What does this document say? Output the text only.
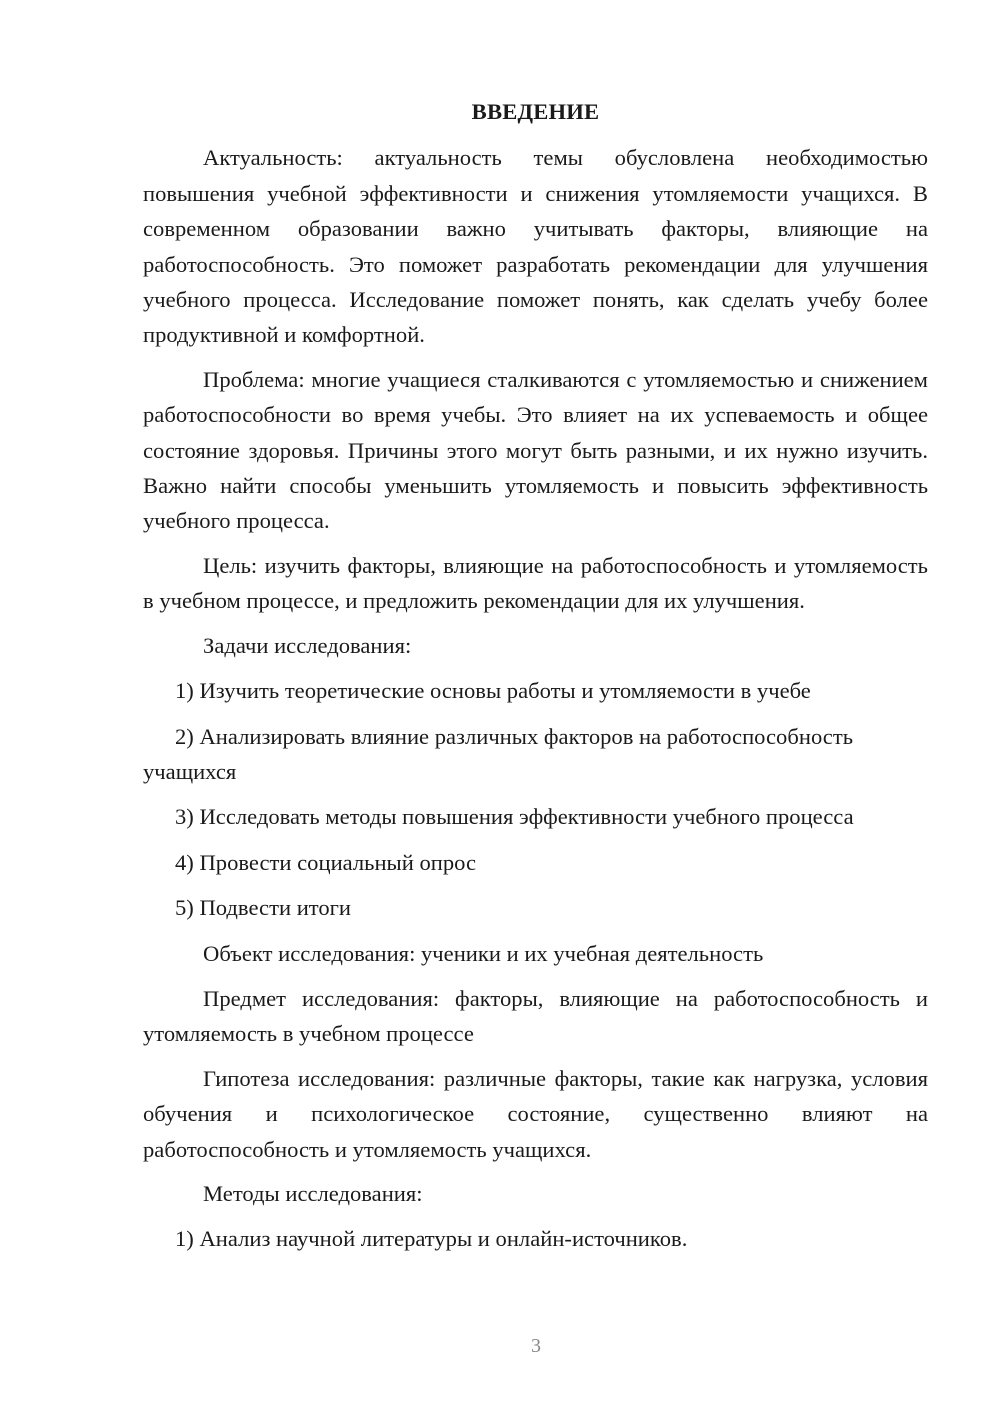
ВВЕДЕНИЕ

Актуальность: актуальность темы обусловлена необходимостью повышения учебной эффективности и снижения утомляемости учащихся. В современном образовании важно учитывать факторы, влияющие на работоспособность. Это поможет разработать рекомендации для улучшения учебного процесса. Исследование поможет понять, как сделать учебу более продуктивной и комфортной.

Проблема: многие учащиеся сталкиваются с утомляемостью и снижением работоспособности во время учебы. Это влияет на их успеваемость и общее состояние здоровья. Причины этого могут быть разными, и их нужно изучить. Важно найти способы уменьшить утомляемость и повысить эффективность учебного процесса.

Цель: изучить факторы, влияющие на работоспособность и утомляемость в учебном процессе, и предложить рекомендации для их улучшения.

Задачи исследования:

1) Изучить теоретические основы работы и утомляемости в учебе

2) Анализировать влияние различных факторов на работоспособность учащихся

3) Исследовать методы повышения эффективности учебного процесса

4) Провести социальный опрос

5) Подвести итоги

Объект исследования: ученики и их учебная деятельность

Предмет исследования: факторы, влияющие на работоспособность и утомляемость в учебном процессе

Гипотеза исследования: различные факторы, такие как нагрузка, условия обучения и психологическое состояние, существенно влияют на работоспособность и утомляемость учащихся.

Методы исследования:

1) Анализ научной литературы и онлайн-источников.

3
